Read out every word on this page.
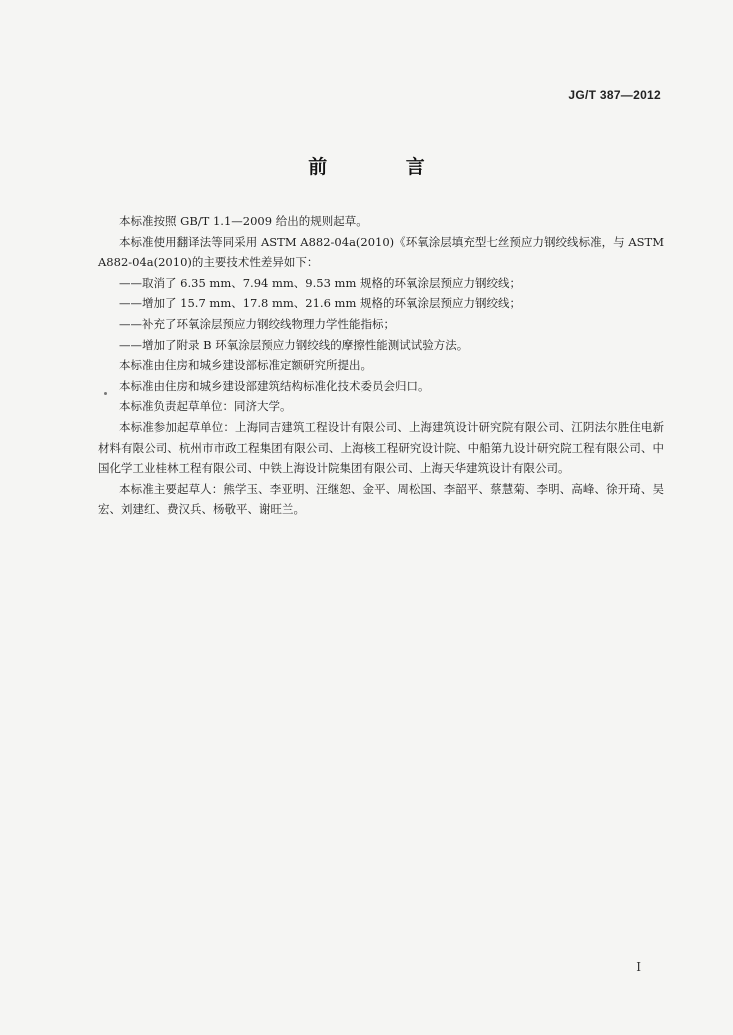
JG/T 387—2012
前 言

本标准按照 GB/T 1.1—2009 给出的规则起草。

本标准使用翻译法等同采用 ASTM A882-04a(2010)《环氧涂层填充型七丝预应力钢绞线标准，与 ASTM A882-04a(2010)的主要技术性差异如下：

——取消了 6.35 mm、7.94 mm、9.53 mm 规格的环氧涂层预应力钢绞线；

——增加了 15.7 mm、17.8 mm、21.6 mm 规格的环氧涂层预应力钢绞线；

——补充了环氧涂层预应力钢绞线物理力学性能指标；

——增加了附录 B 环氧涂层预应力钢绞线的摩擦性能测试试验方法。

本标准由住房和城乡建设部标准定额研究所提出。

本标准由住房和城乡建设部建筑结构标准化技术委员会归口。

本标准负责起草单位：同济大学。

本标准参加起草单位：上海同吉建筑工程设计有限公司、上海建筑设计研究院有限公司、江阴法尔胜住电新材料有限公司、杭州市市政工程集团有限公司、上海核工程研究设计院、中船第九设计研究院工程有限公司、中国化学工业桂林工程有限公司、中铁上海设计院集团有限公司、上海天华建筑设计有限公司。

本标准主要起草人：熊学玉、李亚明、汪继恕、金平、周松国、李韶平、蔡慧菊、李明、高峰、徐开琦、吴宏、刘建红、费汉兵、杨敬平、谢旺兰。

I
